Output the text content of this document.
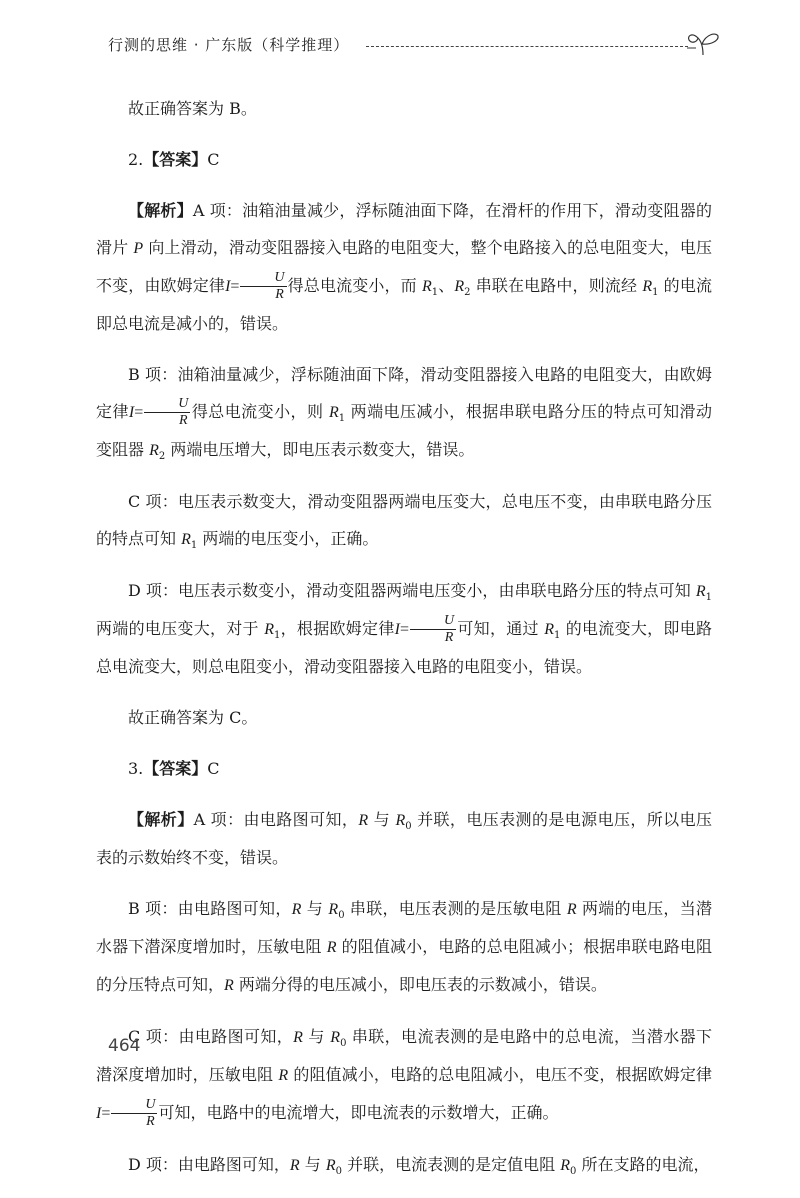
行测的思维 · 广东版（科学推理）

故正确答案为 B。

2.【答案】C

【解析】A 项：油箱油量减少，浮标随油面下降，在滑杆的作用下，滑动变阻器的滑片 P 向上滑动，滑动变阻器接入电路的电阻变大，整个电路接入的总电阻变大，电压不变，由欧姆定律$I= \frac{U}{R}$ 得总电流变小，而 $R_1$、$R_2$ 串联在电路中，则流经 $R_1$ 的电流即总电流是减小的，错误。

B 项：油箱油量减少，浮标随油面下降，滑动变阻器接入电路的电阻变大，由欧姆定律$I= \frac{U}{R}$ 得总电流变小，则 $R_1$ 两端电压减小，根据串联电路分压的特点可知滑动变阻器 $R_2$ 两端电压增大，即电压表示数变大，错误。

C 项：电压表示数变大，滑动变阻器两端电压变大，总电压不变，由串联电路分压的特点可知 $R_1$ 两端的电压变小，正确。

D 项：电压表示数变小，滑动变阻器两端电压变小，由串联电路分压的特点可知 $R_1$ 两端的电压变大，对于 $R_1$，根据欧姆定律$I= \frac{U}{R}$ 可知，通过 $R_1$ 的电流变大，即电路总电流变大，则总电阻变小，滑动变阻器接入电路的电阻变小，错误。

故正确答案为 C。

3.【答案】C

【解析】A 项：由电路图可知，R 与 $R_0$ 并联，电压表测的是电源电压，所以电压表的示数始终不变，错误。

B 项：由电路图可知，R 与 $R_0$ 串联，电压表测的是压敏电阻 R 两端的电压，当潜水器下潜深度增加时，压敏电阻 R 的阻值减小，电路的总电阻减小；根据串联电路电阻的分压特点可知，R 两端分得的电压减小，即电压表的示数减小，错误。

C 项：由电路图可知，R 与 $R_0$ 串联，电流表测的是电路中的总电流，当潜水器下潜深度增加时，压敏电阻 R 的阻值减小，电路的总电阻减小，电压不变，根据欧姆定律$I= \frac{U}{R}$ 可知，电路中的电流增大，即电流表的示数增大，正确。

D 项：由电路图可知，R 与 $R_0$ 并联，电流表测的是定值电阻 $R_0$ 所在支路的电流，

464
